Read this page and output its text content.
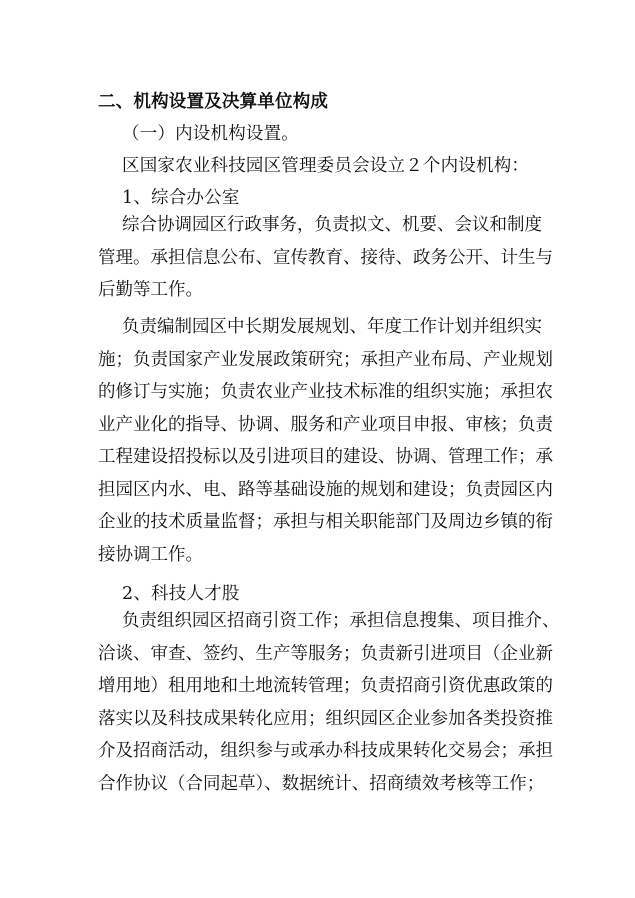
二、机构设置及决算单位构成
（一）内设机构设置。
区国家农业科技园区管理委员会设立２个内设机构：
1、综合办公室
综合协调园区行政事务，负责拟文、机要、会议和制度
管理。承担信息公布、宣传教育、接待、政务公开、计生与
后勤等工作。
负责编制园区中长期发展规划、年度工作计划并组织实
施；负责国家产业发展政策研究；承担产业布局、产业规划
的修订与实施；负责农业产业技术标准的组织实施；承担农
业产业化的指导、协调、服务和产业项目申报、审核；负责
工程建设招投标以及引进项目的建设、协调、管理工作；承
担园区内水、电、路等基础设施的规划和建设；负责园区内
企业的技术质量监督；承担与相关职能部门及周边乡镇的衔
接协调工作。
2、科技人才股
负责组织园区招商引资工作；承担信息搜集、项目推介、
洽谈、审查、签约、生产等服务；负责新引进项目（企业新
增用地）租用地和土地流转管理；负责招商引资优惠政策的
落实以及科技成果转化应用；组织园区企业参加各类投资推
介及招商活动，组织参与或承办科技成果转化交易会；承担
合作协议（合同起草）、数据统计、招商绩效考核等工作；
